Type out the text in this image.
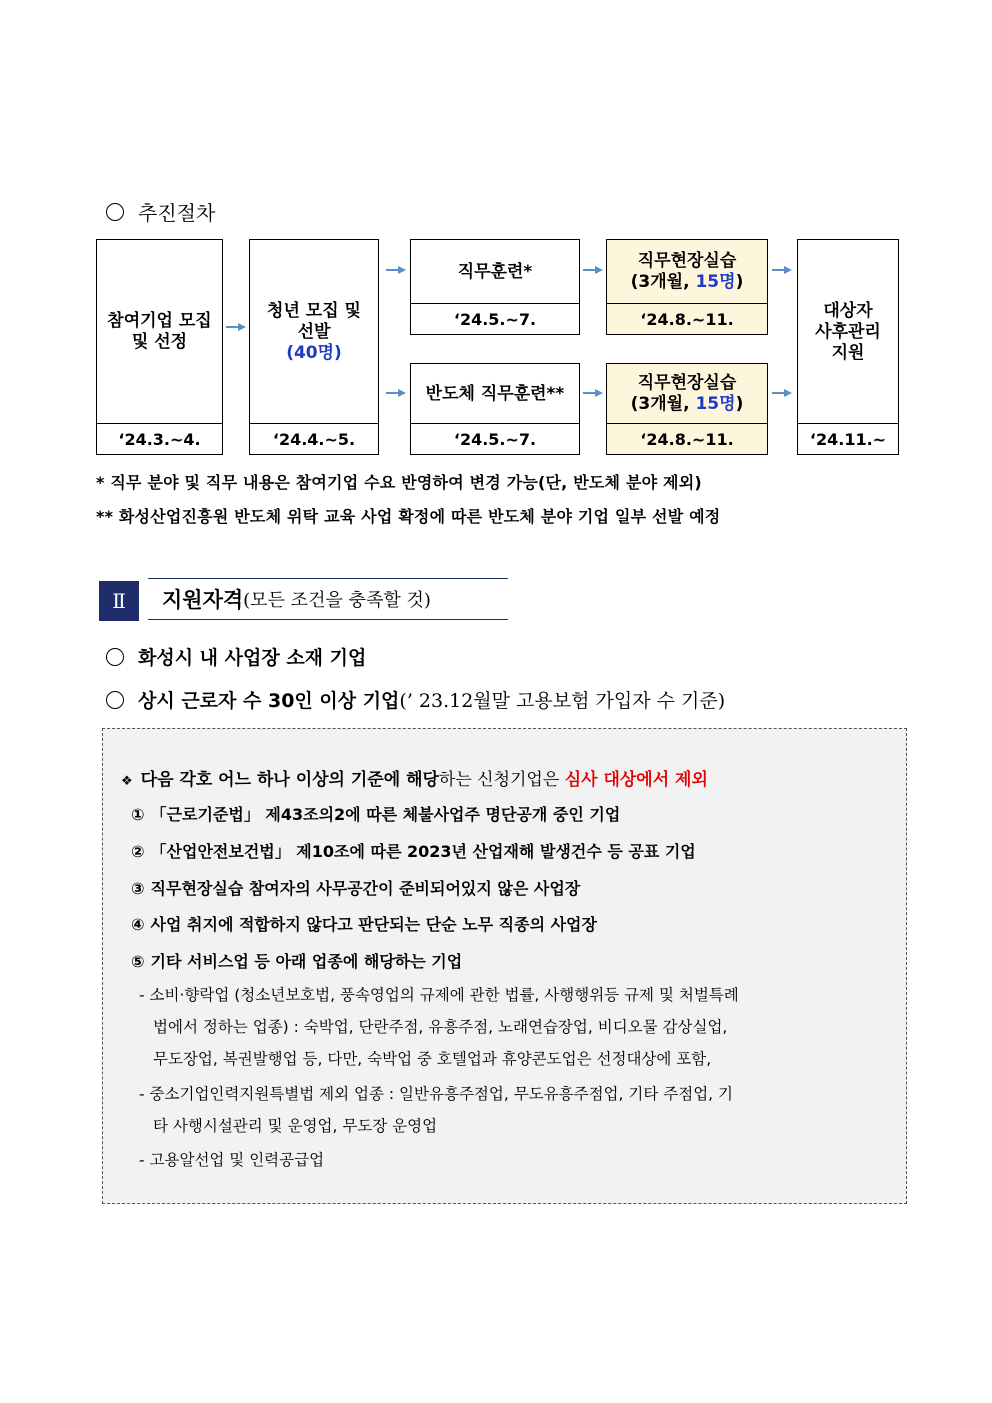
추진절차
참여기업 모집
및 선정
‘24.3.~4.
청년 모집 및
선발
(40명)
‘24.4.~5.
직무훈련*
‘24.5.~7.
직무현장실습
(3개월, 15명)
‘24.8.~11.
반도체 직무훈련**
‘24.5.~7.
직무현장실습
(3개월, 15명)
‘24.8.~11.
대상자
사후관리
지원
‘24.11.~
* 직무 분야 및 직무 내용은 참여기업 수요 반영하여 변경 가능(단, 반도체 분야 제외)
** 화성산업진흥원 반도체 위탁 교육 사업 확정에 따른 반도체 분야 기업 일부 선발 예정
Ⅱ	지원자격 (모든 조건을 충족할 것)
화성시 내 사업장 소재 기업
상시 근로자 수 30인 이상 기업 (’ 23.12월말 고용보험 가입자 수 기준)
❖ 다음 각호 어느 하나 이상의 기준에 해당하는 신청기업은 심사 대상에서 제외
① 「근로기준법」 제43조의2에 따른 체불사업주 명단공개 중인 기업
② 「산업안전보건법」 제10조에 따른 2023년 산업재해 발생건수 등 공표 기업
③ 직무현장실습 참여자의 사무공간이 준비되어있지 않은 사업장
④ 사업 취지에 적합하지 않다고 판단되는 단순 노무 직종의 사업장
⑤ 기타 서비스업 등 아래 업종에 해당하는 기업
- 소비·향락업 (청소년보호법, 풍속영업의 규제에 관한 법률, 사행행위등 규제 및 처벌특례
법에서 정하는 업종) : 숙박업, 단란주점, 유흥주점, 노래연습장업, 비디오물 감상실업,
무도장업, 복권발행업 등, 다만, 숙박업 중 호텔업과 휴양콘도업은 선정대상에 포함,
- 중소기업인력지원특별법 제외 업종 : 일반유흥주점업, 무도유흥주점업, 기타 주점업, 기
타 사행시설관리 및 운영업, 무도장 운영업
- 고용알선업 및 인력공급업
